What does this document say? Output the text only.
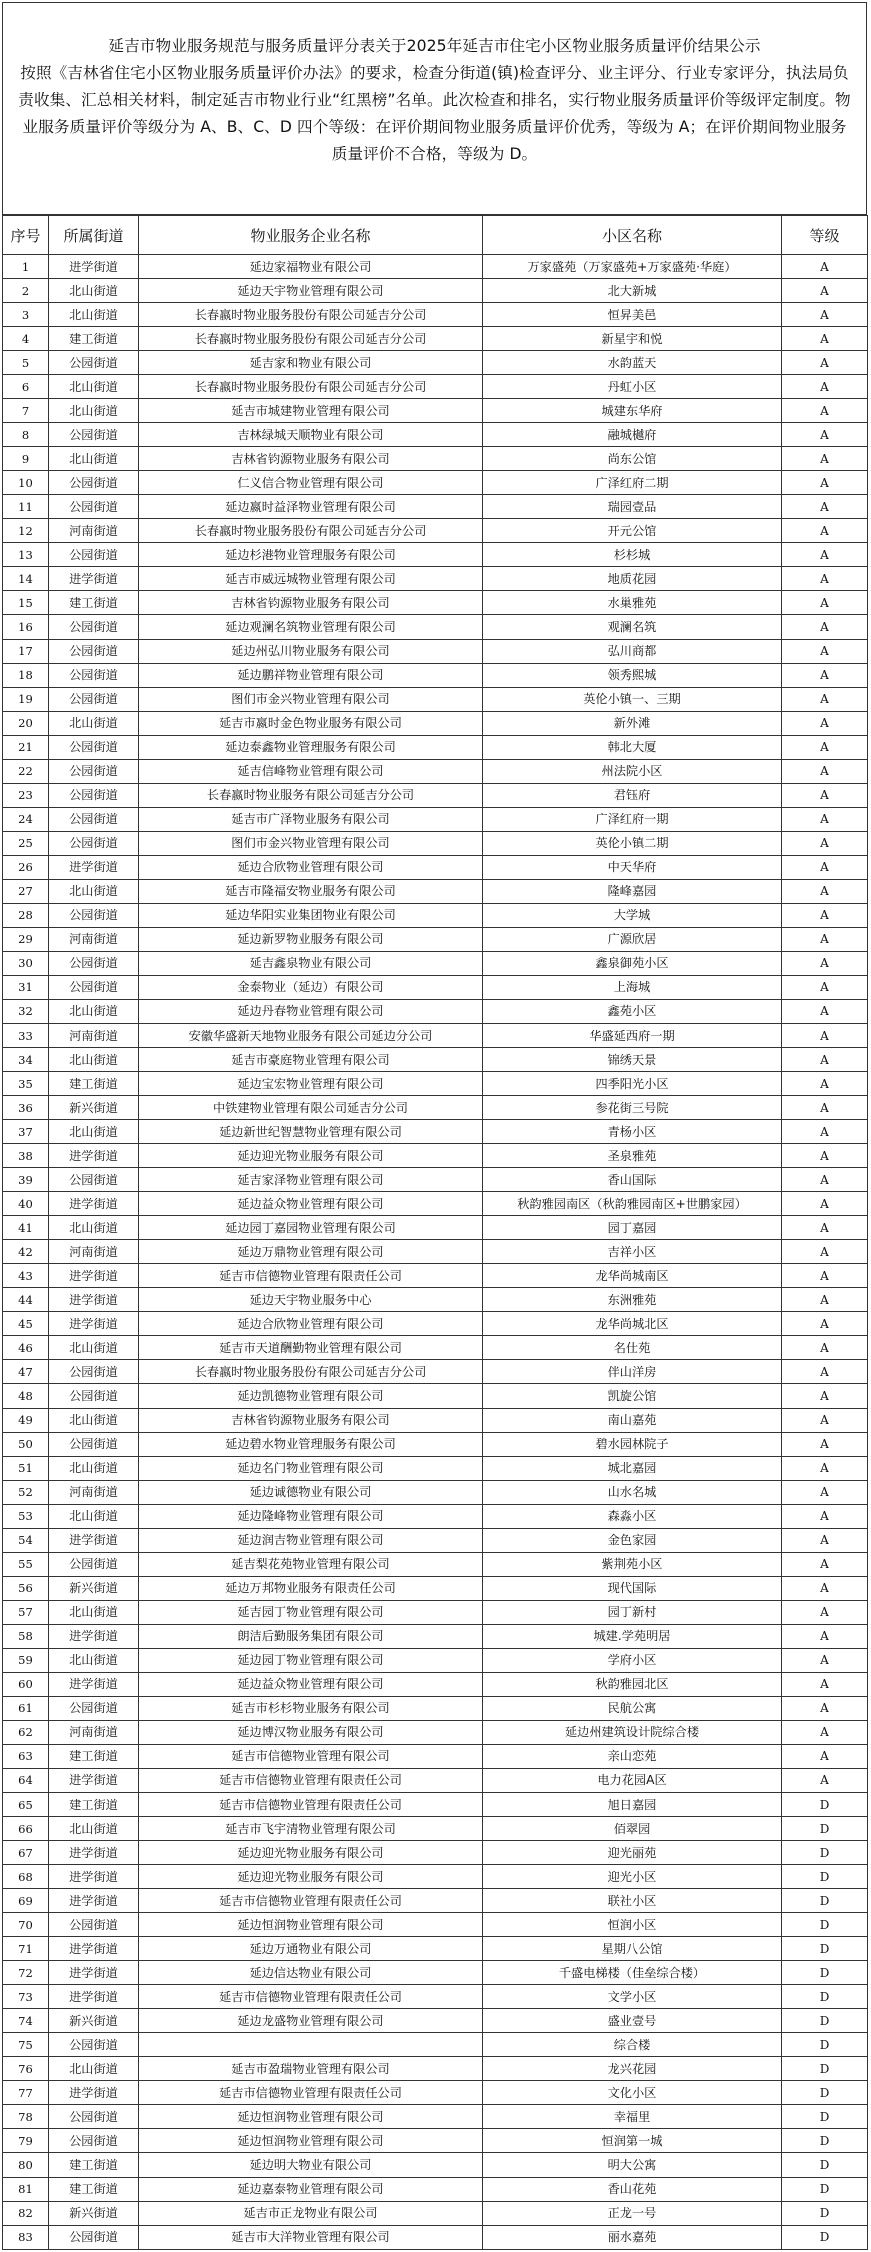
延吉市物业服务规范与服务质量评分表关于2025年延吉市住宅小区物业服务质量评价结果公示
按照《吉林省住宅小区物业服务质量评价办法》的要求，检查分街道(镇)检查评分、业主评分、行业专家评分，执法局负责收集、汇总相关材料，制定延吉市物业行业“红黑榜”名单。此次检查和排名，实行物业服务质量评价等级评定制度。物业服务质量评价等级分为 A、B、C、D 四个等级：在评价期间物业服务质量评价优秀，等级为 A；在评价期间物业服务质量评价不合格，等级为 D。
序号	所属街道	物业服务企业名称	小区名称	等级
1	进学街道	延边家福物业有限公司	万家盛苑（万家盛苑+万家盛苑·华庭）	A
2	北山街道	延边天宇物业管理有限公司	北大新城	A
3	北山街道	长春嬴时物业服务股份有限公司延吉分公司	恒昇美邑	A
4	建工街道	长春嬴时物业服务股份有限公司延吉分公司	新星宇和悦	A
5	公园街道	延吉家和物业有限公司	水韵蓝天	A
6	北山街道	长春嬴时物业服务股份有限公司延吉分公司	丹虹小区	A
7	北山街道	延吉市城建物业管理有限公司	城建东华府	A
8	公园街道	吉林绿城天顺物业有限公司	融城樾府	A
9	北山街道	吉林省钧源物业服务有限公司	尚东公馆	A
10	公园街道	仁义信合物业管理有限公司	广泽红府二期	A
11	公园街道	延边嬴时益泽物业管理有限公司	瑞园壹品	A
12	河南街道	长春嬴时物业服务股份有限公司延吉分公司	开元公馆	A
13	公园街道	延边杉港物业管理服务有限公司	杉杉城	A
14	进学街道	延吉市威远城物业管理有限公司	地质花园	A
15	建工街道	吉林省钧源物业服务有限公司	水巢雅苑	A
16	公园街道	延边观澜名筑物业管理有限公司	观澜名筑	A
17	公园街道	延边州弘川物业服务有限公司	弘川商都	A
18	公园街道	延边鹏祥物业管理有限公司	领秀熙城	A
19	公园街道	图们市金兴物业管理有限公司	英伦小镇一、三期	A
20	北山街道	延吉市嬴时金色物业服务有限公司	新外滩	A
21	公园街道	延边泰鑫物业管理服务有限公司	韩北大厦	A
22	公园街道	延吉信峰物业管理有限公司	州法院小区	A
23	公园街道	长春嬴时物业服务有限公司延吉分公司	君钰府	A
24	公园街道	延吉市广泽物业服务有限公司	广泽红府一期	A
25	公园街道	图们市金兴物业管理有限公司	英伦小镇二期	A
26	进学街道	延边合欣物业管理有限公司	中天华府	A
27	北山街道	延吉市隆福安物业服务有限公司	隆峰嘉园	A
28	公园街道	延边华阳实业集团物业有限公司	大学城	A
29	河南街道	延边新罗物业服务有限公司	广源欣居	A
30	公园街道	延吉鑫泉物业有限公司	鑫泉御苑小区	A
31	公园街道	金泰物业（延边）有限公司	上海城	A
32	北山街道	延边丹春物业管理有限公司	鑫苑小区	A
33	河南街道	安徽华盛新天地物业服务有限公司延边分公司	华盛延西府一期	A
34	北山街道	延吉市豪庭物业管理有限公司	锦绣天景	A
35	建工街道	延边宝宏物业管理有限公司	四季阳光小区	A
36	新兴街道	中铁建物业管理有限公司延吉分公司	参花街三号院	A
37	北山街道	延边新世纪智慧物业管理有限公司	青杨小区	A
38	进学街道	延边迎光物业服务有限公司	圣泉雅苑	A
39	公园街道	延吉家泽物业管理有限公司	香山国际	A
40	进学街道	延边益众物业管理有限公司	秋韵雅园南区（秋韵雅园南区+世鹏家园）	A
41	北山街道	延边园丁嘉园物业管理有限公司	园丁嘉园	A
42	河南街道	延边万鼎物业管理有限公司	吉祥小区	A
43	进学街道	延吉市信德物业管理有限责任公司	龙华尚城南区	A
44	进学街道	延边天宇物业服务中心	东洲雅苑	A
45	进学街道	延边合欣物业管理有限公司	龙华尚城北区	A
46	北山街道	延吉市天道酬勤物业管理有限公司	名仕苑	A
47	公园街道	长春嬴时物业服务股份有限公司延吉分公司	伴山洋房	A
48	公园街道	延边凯德物业管理有限公司	凯旋公馆	A
49	北山街道	吉林省钧源物业服务有限公司	南山嘉苑	A
50	公园街道	延边碧水物业管理服务有限公司	碧水园林院子	A
51	北山街道	延边名门物业管理有限公司	城北嘉园	A
52	河南街道	延边诚德物业有限公司	山水名城	A
53	北山街道	延边隆峰物业管理有限公司	森淼小区	A
54	进学街道	延边润吉物业管理有限公司	金色家园	A
55	公园街道	延吉梨花苑物业管理有限公司	紫荆苑小区	A
56	新兴街道	延边万邦物业服务有限责任公司	现代国际	A
57	北山街道	延吉园丁物业管理有限公司	园丁新村	A
58	进学街道	朗洁后勤服务集团有限公司	城建.学苑明居	A
59	北山街道	延边园丁物业管理有限公司	学府小区	A
60	进学街道	延边益众物业管理有限公司	秋韵雅园北区	A
61	公园街道	延吉市杉杉物业服务有限公司	民航公寓	A
62	河南街道	延边博汉物业服务有限公司	延边州建筑设计院综合楼	A
63	建工街道	延吉市信德物业管理有限公司	亲山恋苑	A
64	进学街道	延吉市信德物业管理有限责任公司	电力花园A区	A
65	建工街道	延吉市信德物业管理有限责任公司	旭日嘉园	D
66	北山街道	延吉市飞宇清物业管理有限公司	佰翠园	D
67	进学街道	延边迎光物业服务有限公司	迎光丽苑	D
68	进学街道	延边迎光物业服务有限公司	迎光小区	D
69	进学街道	延吉市信德物业管理有限责任公司	联社小区	D
70	公园街道	延边恒润物业管理有限公司	恒润小区	D
71	进学街道	延边万通物业有限公司	星期八公馆	D
72	进学街道	延边信达物业有限公司	千盛电梯楼（佳垒综合楼）	D
73	进学街道	延吉市信德物业管理有限责任公司	文学小区	D
74	新兴街道	延边龙盛物业管理有限公司	盛业壹号	D
75	公园街道		综合楼	D
76	北山街道	延吉市盈瑞物业管理有限公司	龙兴花园	D
77	进学街道	延吉市信德物业管理有限责任公司	文化小区	D
78	公园街道	延边恒润物业管理有限公司	幸福里	D
79	公园街道	延边恒润物业管理有限公司	恒润第一城	D
80	建工街道	延边明大物业有限公司	明大公寓	D
81	建工街道	延边嘉泰物业管理有限公司	香山花苑	D
82	新兴街道	延吉市正龙物业有限公司	正龙一号	D
83	公园街道	延吉市大洋物业管理有限公司	丽水嘉苑	D
